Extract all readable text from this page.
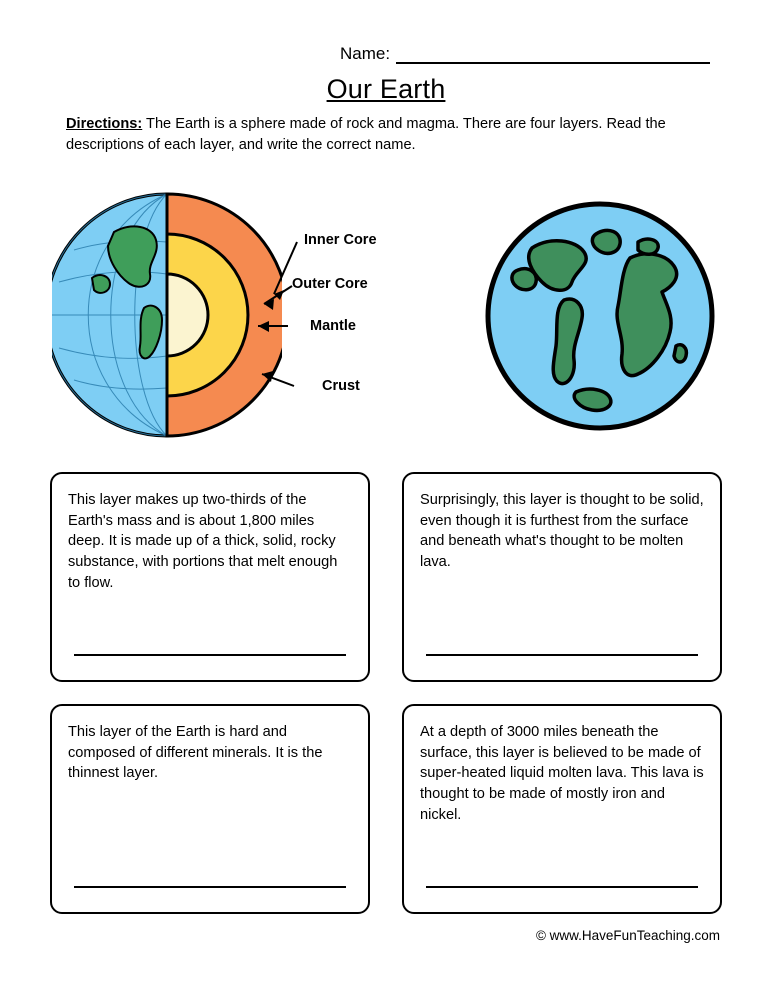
Name:
Our Earth
Directions: The Earth is a sphere made of rock and magma. There are four layers. Read the descriptions of each layer, and write the correct name.
Inner Core
Outer Core
Mantle
Crust
This layer makes up two-thirds of the Earth's mass and is about 1,800 miles deep. It is made up of a thick, solid, rocky substance, with portions that melt enough to flow.
Surprisingly, this layer is thought to be solid, even though it is furthest from the surface and beneath what's thought to be molten lava.
This layer of the Earth is hard and composed of different minerals. It is the thinnest layer.
At a depth of 3000 miles beneath the surface, this layer is believed to be made of super-heated liquid molten lava. This lava is thought to be made of mostly iron and nickel.
© www.HaveFunTeaching.com
